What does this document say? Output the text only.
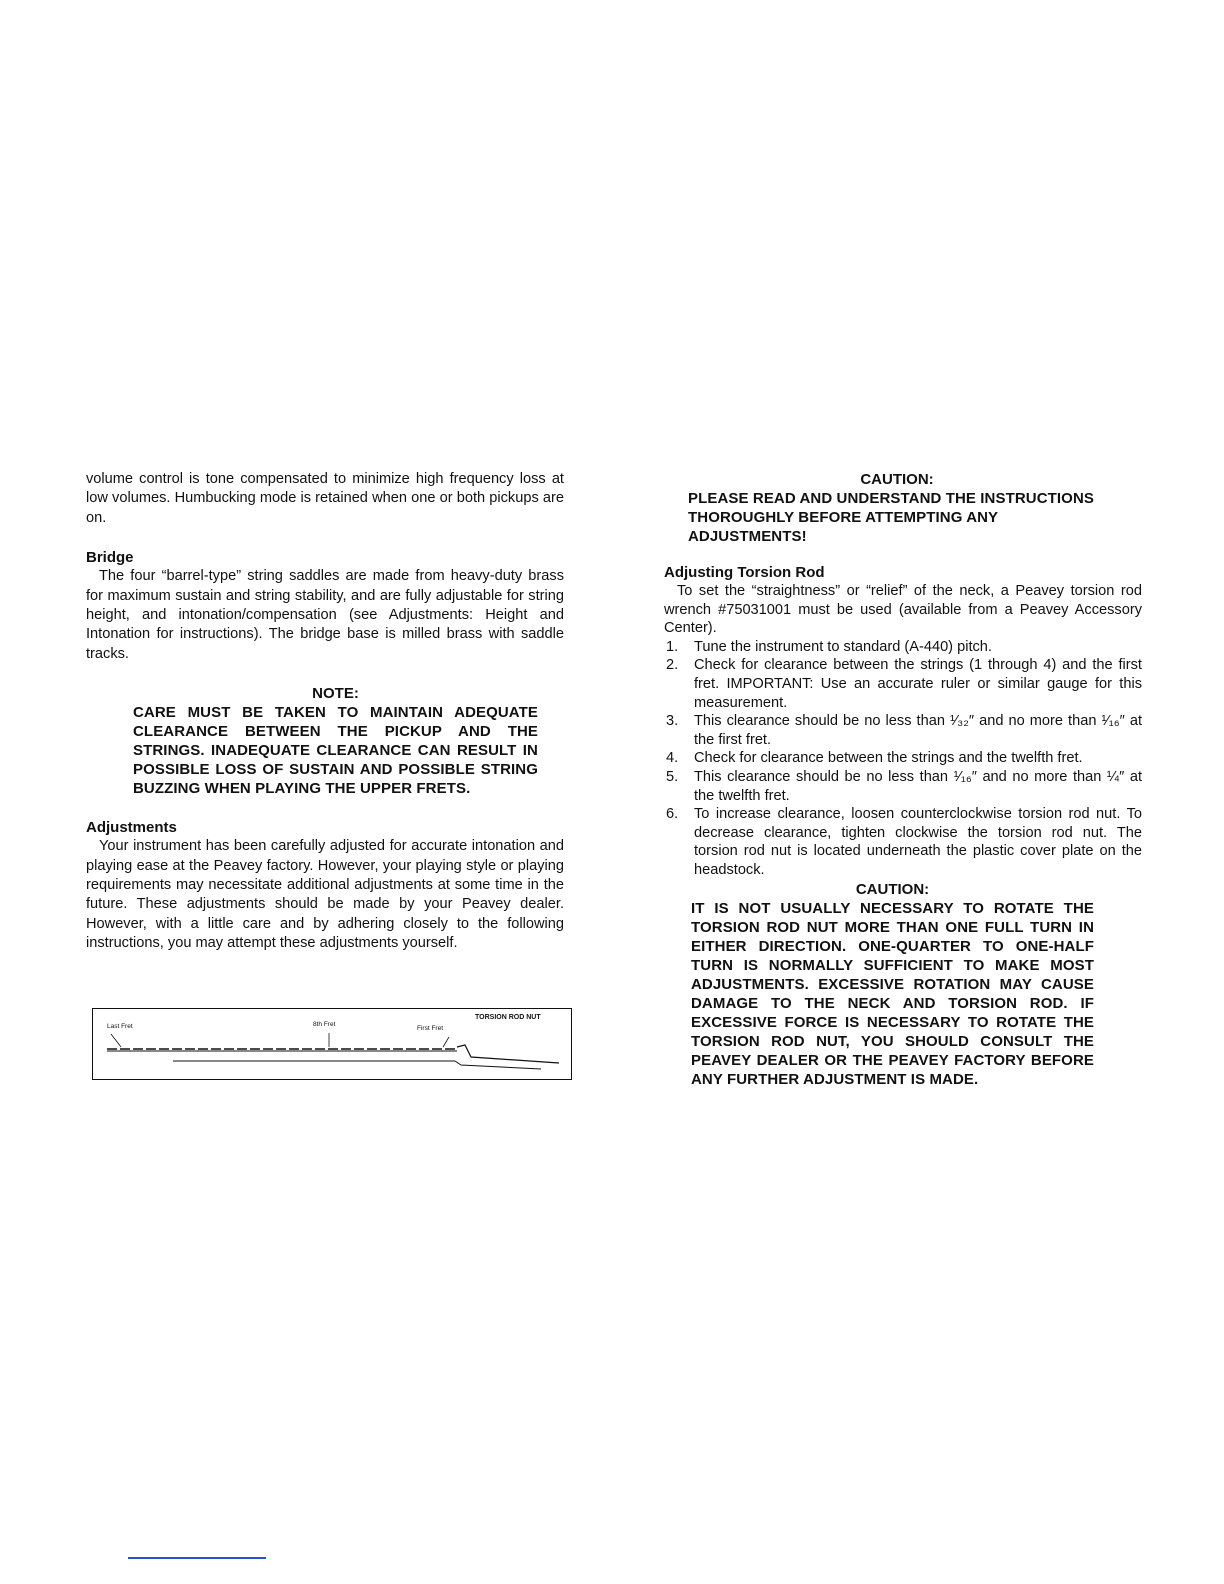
volume control is tone compensated to minimize high frequency loss at low volumes. Humbucking mode is retained when one or both pickups are on.

Bridge

The four “barrel-type” string saddles are made from heavy-duty brass for maximum sustain and string stability, and are fully adjustable for string height, and intonation/compensation (see Adjustments: Height and Intonation for instructions). The bridge base is milled brass with saddle tracks.

NOTE:

CARE MUST BE TAKEN TO MAINTAIN ADEQUATE CLEARANCE BETWEEN THE PICKUP AND THE STRINGS. INADEQUATE CLEARANCE CAN RESULT IN POSSIBLE LOSS OF SUSTAIN AND POSSIBLE STRING BUZZING WHEN PLAYING THE UPPER FRETS.

Adjustments

Your instrument has been carefully adjusted for accurate intonation and playing ease at the Peavey factory. However, your playing style or playing requirements may necessitate additional adjustments at some time in the future. These adjustments should be made by your Peavey dealer. However, with a little care and by adhering closely to the following instructions, you may attempt these adjustments yourself.

Last Fret	8th Fret
First Fret
TORSION ROD NUT
CAUTION:

PLEASE READ AND UNDERSTAND THE INSTRUCTIONS THOROUGHLY BEFORE ATTEMPTING ANY ADJUSTMENTS!

Adjusting Torsion Rod

To set the “straightness” or “relief” of the neck, a Peavey torsion rod wrench #75031001 must be used (available from a Peavey Accessory Center).

1. Tune the instrument to standard (A-440) pitch.
2. Check for clearance between the strings (1 through 4) and the first fret. IMPORTANT: Use an accurate ruler or similar gauge for this measurement.
3. This clearance should be no less than ¹⁄₃₂″ and no more than ¹⁄₁₆″ at the first fret.
4. Check for clearance between the strings and the twelfth fret.
5. This clearance should be no less than ¹⁄₁₆″ and no more than ¼″ at the twelfth fret.
6. To increase clearance, loosen counterclockwise torsion rod nut. To decrease clearance, tighten clockwise the torsion rod nut. The torsion rod nut is located underneath the plastic cover plate on the headstock.
CAUTION:

IT IS NOT USUALLY NECESSARY TO ROTATE THE TORSION ROD NUT MORE THAN ONE FULL TURN IN EITHER DIRECTION. ONE-QUARTER TO ONE-HALF TURN IS NORMALLY SUFFICIENT TO MAKE MOST ADJUSTMENTS. EXCESSIVE ROTATION MAY CAUSE DAMAGE TO THE NECK AND TORSION ROD. IF EXCESSIVE FORCE IS NECESSARY TO ROTATE THE TORSION ROD NUT, YOU SHOULD CONSULT THE PEAVEY DEALER OR THE PEAVEY FACTORY BEFORE ANY FURTHER ADJUSTMENT IS MADE.
